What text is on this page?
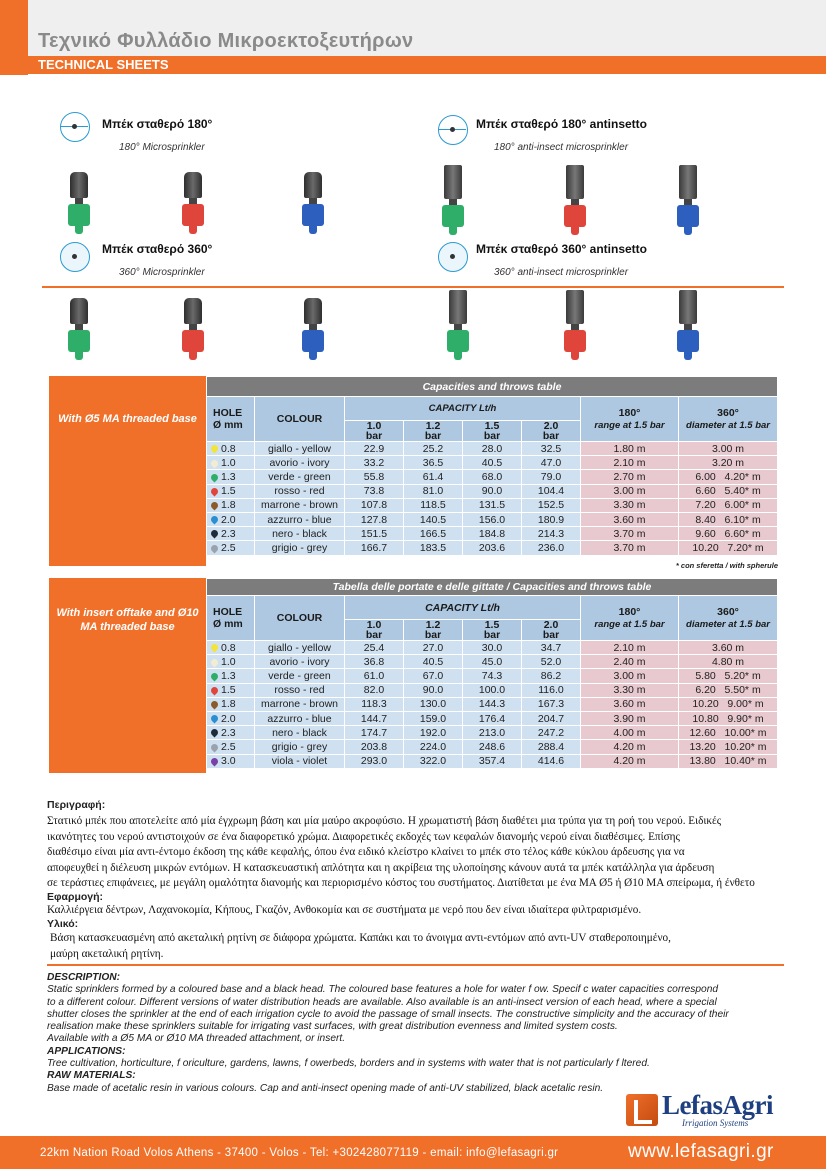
Τεχνικό Φυλλάδιο Μικροεκτοξευτήρων
TECHNICAL SHEETS
Μπέκ σταθερό 180°
180° Microsprinkler
Μπέκ σταθερό 180° antinsetto
180° anti-insect microsprinkler
Μπέκ σταθερό 360°
360° Microsprinkler
Μπέκ σταθερό 360° antinsetto
360° anti-insect microsprinkler
With Ø5 MA threaded base
Capacities and throws table							
HOLE
Ø mm	COLOUR	CAPACITY Lt/h				180°
range at 1.5 bar	360°
diameter at 1.5 bar
		1.0
bar	1.2
bar	1.5
bar	2.0
bar		
0.8	giallo - yellow	22.9	25.2	28.0	32.5	1.80 m	3.00 m
1.0	avorio - ivory	33.2	36.5	40.5	47.0	2.10 m	3.20 m
1.3	verde - green	55.8	61.4	68.0	79.0	2.70 m	6.00   4.20* m
1.5	rosso - red	73.8	81.0	90.0	104.4	3.00 m	6.60   5.40* m
1.8	marrone - brown	107.8	118.5	131.5	152.5	3.30 m	7.20   6.00* m
2.0	azzurro - blue	127.8	140.5	156.0	180.9	3.60 m	8.40   6.10* m
2.3	nero - black	151.5	166.5	184.8	214.3	3.70 m	9.60   6.60* m
2.5	grigio - grey	166.7	183.5	203.6	236.0	3.70 m	10.20   7.20* m
* con sferetta / with spherule
With insert offtake and Ø10 MA threaded base
Tabella delle portate e delle gittate / Capacities and throws table							
HOLE
Ø mm	COLOUR	CAPACITY Lt/h				180°
range at 1.5 bar	360°
diameter at 1.5 bar
		1.0
bar	1.2
bar	1.5
bar	2.0
bar		
0.8	giallo - yellow	25.4	27.0	30.0	34.7	2.10 m	3.60 m
1.0	avorio - ivory	36.8	40.5	45.0	52.0	2.40 m	4.80 m
1.3	verde - green	61.0	67.0	74.3	86.2	3.00 m	5.80   5.20* m
1.5	rosso - red	82.0	90.0	100.0	116.0	3.30 m	6.20   5.50* m
1.8	marrone - brown	118.3	130.0	144.3	167.3	3.60 m	10.20   9.00* m
2.0	azzurro - blue	144.7	159.0	176.4	204.7	3.90 m	10.80   9.90* m
2.3	nero - black	174.7	192.0	213.0	247.2	4.00 m	12.60   10.00* m
2.5	grigio - grey	203.8	224.0	248.6	288.4	4.20 m	13.20   10.20* m
3.0	viola - violet	293.0	322.0	357.4	414.6	4.20 m	13.80   10.40* m
Περιγραφή:
Στατικό μπέκ που αποτελείτε από μία έγχρωμη βάση και μία μαύρο ακροφύσιο. Η χρωματιστή βάση διαθέτει μια τρύπα για τη ροή του νερού. Ειδικές
ικανότητες του νερού αντιστοιχούν σε ένα διαφορετικό χρώμα. Διαφορετικές εκδοχές των κεφαλών διανομής νερού είναι διαθέσιμες. Επίσης
διαθέσιμο είναι μία αντι-έντομο έκδοση της κάθε κεφαλής, όπου ένα ειδικό κλείστρο κλαίνει το μπέκ στο τέλος κάθε κύκλου άρδευσης για να
αποφευχθεί η διέλευση μικρών εντόμων. Η κατασκευαστική απλότητα και η ακρίβεια της υλοποίησης κάνουν αυτά τα μπέκ κατάλληλα για άρδευση
σε τεράστιες επιφάνειες, με μεγάλη ομαλότητα διανομής και περιορισμένο κόστος του συστήματος. Διατίθεται με ένα MA Ø5 ή Ø10 MA σπείρωμα, ή ένθετο
Εφαρμογή:
Καλλιέργεια δέντρων, Λαχανοκομία, Κήπους, Γκαζόν, Ανθοκομία και σε συστήματα με νερό που δεν είναι ιδιαίτερα φιλτραρισμένο.
Υλικό:
Βάση κατασκευασμένη από ακεταλική ρητίνη σε διάφορα χρώματα. Καπάκι και το άνοιγμα αντι-εντόμων από αντι-UV σταθεροποιημένο,
μαύρη ακεταλική ρητίνη.
DESCRIPTION:
Static sprinklers formed by a coloured base and a black head. The coloured base features a hole for water f ow. Specif c water capacities correspond
to a different colour. Different versions of water distribution heads are available. Also available is an anti-insect version of each head, where a special
shutter closes the sprinkler at the end of each irrigation cycle to avoid the passage of small insects. The constructive simplicity and the accuracy of their
realisation make these sprinklers suitable for irrigating vast surfaces, with great distribution evenness and limited system costs.
Available with a Ø5 MA or Ø10 MA threaded attachment, or insert.
APPLICATIONS:
Tree cultivation, horticulture, f oriculture, gardens, lawns, f owerbeds, borders and in systems with water that is not particularly f ltered.
RAW MATERIALS:
Base made of acetalic resin in various colours. Cap and anti-insect opening made of anti-UV stabilized, black acetalic resin.
LefasAgri
Irrigation Systems
22km Nation Road Volos Athens - 37400 - Volos - Tel: +302428077119 - email: info@lefasagri.gr	www.lefasagri.gr
